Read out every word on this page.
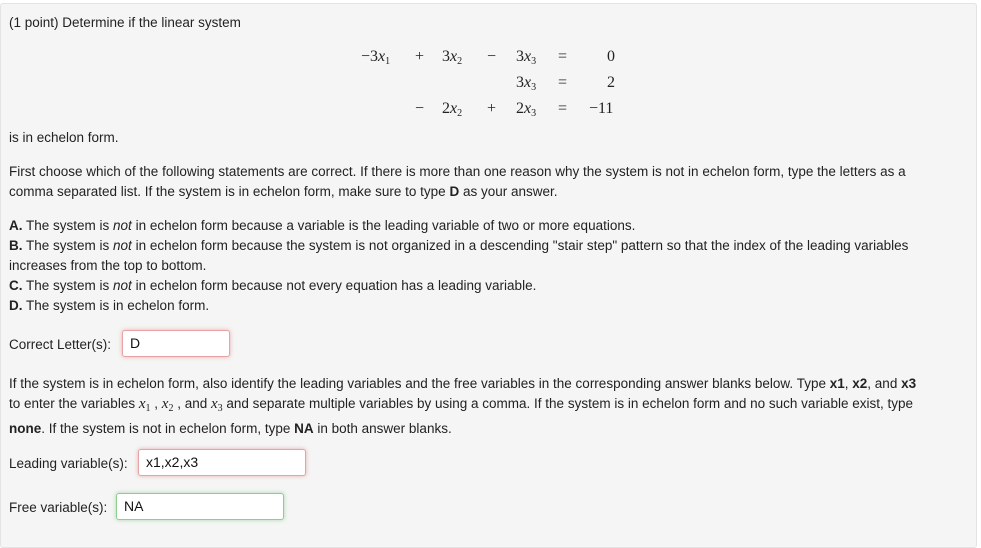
(1 point) Determine if the linear system
$-3x_1 + 3x_2 - 3x_3 = 0$
$3x_3 = 2$
− $2x_2 + 2x_3 = -11$
is in echelon form.
First choose which of the following statements are correct. If there is more than one reason why the system is not in echelon form, type the letters as a
comma separated list. If the system is in echelon form, make sure to type D as your answer.
A. The system is not in echelon form because a variable is the leading variable of two or more equations.
B. The system is not in echelon form because the system is not organized in a descending "stair step" pattern so that the index of the leading variables
increases from the top to bottom.
C. The system is not in echelon form because not every equation has a leading variable.
D. The system is in echelon form.
Correct Letter(s):	D
If the system is in echelon form, also identify the leading variables and the free variables in the corresponding answer blanks below. Type x1, x2, and x3
to enter the variables $x_1$ , $x_2$ , and $x_3$ and separate multiple variables by using a comma. If the system is in echelon form and no such variable exist, type
none. If the system is not in echelon form, type NA in both answer blanks.
Leading variable(s):	x1,x2,x3
Free variable(s):	NA
